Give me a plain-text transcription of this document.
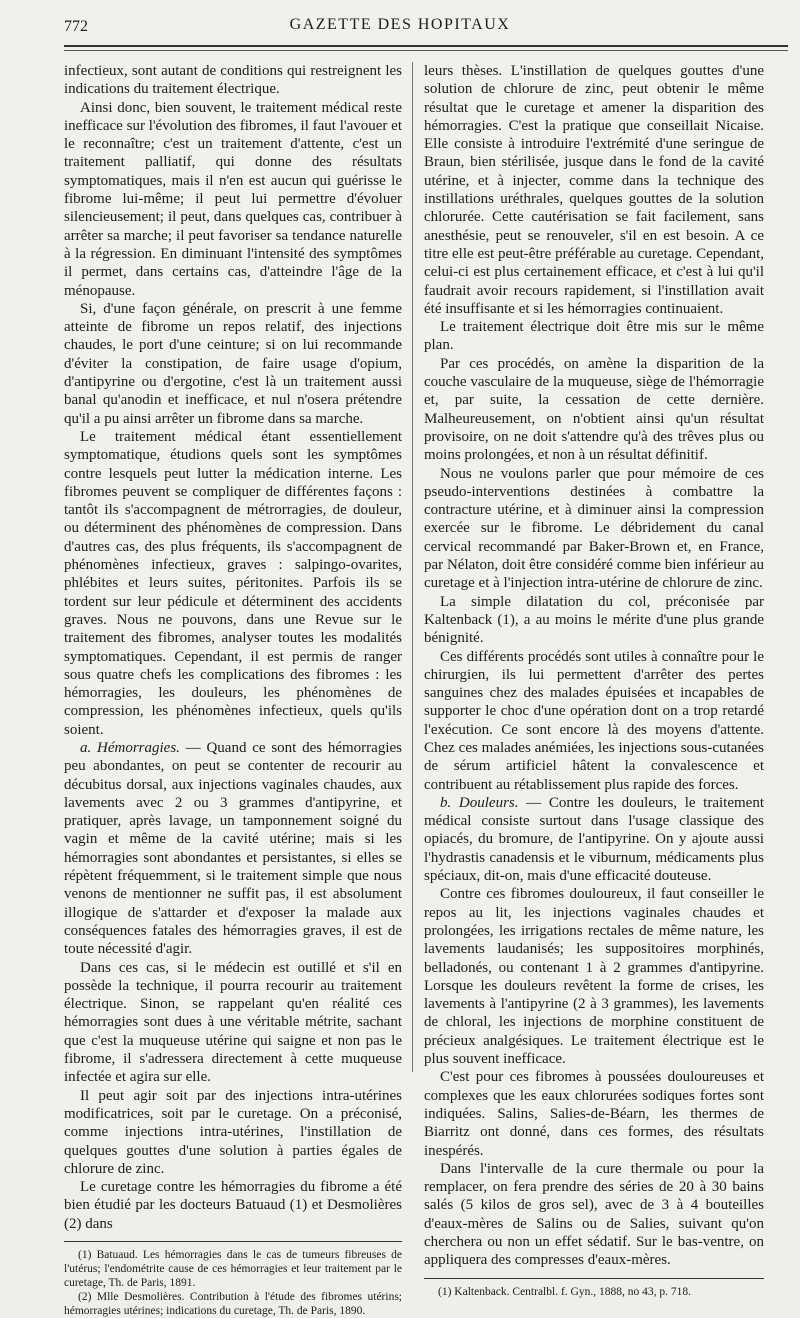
772	GAZETTE DES HOPITAUX

infectieux, sont autant de conditions qui restreignent les indications du traitement électrique.

Ainsi donc, bien souvent, le traitement médical reste inefficace sur l'évolution des fibromes, il faut l'avouer et le reconnaître; c'est un traitement d'attente, c'est un traitement palliatif, qui donne des résultats symptomatiques, mais il n'en est aucun qui guérisse le fibrome lui-même; il peut lui permettre d'évoluer silencieusement; il peut, dans quelques cas, contribuer à arrêter sa marche; il peut favoriser sa tendance naturelle à la régression. En diminuant l'intensité des symptômes il permet, dans certains cas, d'atteindre l'âge de la ménopause.

Si, d'une façon générale, on prescrit à une femme atteinte de fibrome un repos relatif, des injections chaudes, le port d'une ceinture; si on lui recommande d'éviter la constipation, de faire usage d'opium, d'antipyrine ou d'ergotine, c'est là un traitement aussi banal qu'anodin et inefficace, et nul n'osera prétendre qu'il a pu ainsi arrêter un fibrome dans sa marche.

Le traitement médical étant essentiellement symptomatique, étudions quels sont les symptômes contre lesquels peut lutter la médication interne. Les fibromes peuvent se compliquer de différentes façons : tantôt ils s'accompagnent de métrorragies, de douleur, ou déterminent des phénomènes de compression. Dans d'autres cas, des plus fréquents, ils s'accompagnent de phénomènes infectieux, graves : salpingo-ovarites, phlébites et leurs suites, péritonites. Parfois ils se tordent sur leur pédicule et déterminent des accidents graves. Nous ne pouvons, dans une Revue sur le traitement des fibromes, analyser toutes les modalités symptomatiques. Cependant, il est permis de ranger sous quatre chefs les complications des fibromes : les hémorragies, les douleurs, les phénomènes de compression, les phénomènes infectieux, quels qu'ils soient.

a. Hémorragies. — Quand ce sont des hémorragies peu abondantes, on peut se contenter de recourir au décubitus dorsal, aux injections vaginales chaudes, aux lavements avec 2 ou 3 grammes d'antipyrine, et pratiquer, après lavage, un tamponnement soigné du vagin et même de la cavité utérine; mais si les hémorragies sont abondantes et persistantes, si elles se répètent fréquemment, si le traitement simple que nous venons de mentionner ne suffit pas, il est absolument illogique de s'attarder et d'exposer la malade aux conséquences fatales des hémorragies graves, il est de toute nécessité d'agir.

Dans ces cas, si le médecin est outillé et s'il en possède la technique, il pourra recourir au traitement électrique. Sinon, se rappelant qu'en réalité ces hémorragies sont dues à une véritable métrite, sachant que c'est la muqueuse utérine qui saigne et non pas le fibrome, il s'adressera directement à cette muqueuse infectée et agira sur elle.

Il peut agir soit par des injections intra-utérines modificatrices, soit par le curetage. On a préconisé, comme injections intra-utérines, l'instillation de quelques gouttes d'une solution à parties égales de chlorure de zinc.

Le curetage contre les hémorragies du fibrome a été bien étudié par les docteurs Batuaud (1) et Desmolières (2) dans

(1) Batuaud. Les hémorragies dans le cas de tumeurs fibreuses de l'utérus; l'endométrite cause de ces hémorragies et leur traitement par le curetage, Th. de Paris, 1891.

(2) Mlle Desmolières. Contribution à l'étude des fibromes utérins; hémorragies utérines; indications du curetage, Th. de Paris, 1890.

leurs thèses. L'instillation de quelques gouttes d'une solution de chlorure de zinc, peut obtenir le même résultat que le curetage et amener la disparition des hémorragies. C'est la pratique que conseillait Nicaise. Elle consiste à introduire l'extrémité d'une seringue de Braun, bien stérilisée, jusque dans le fond de la cavité utérine, et à injecter, comme dans la technique des instillations uréthrales, quelques gouttes de la solution chlorurée. Cette cautérisation se fait facilement, sans anesthésie, peut se renouveler, s'il en est besoin. A ce titre elle est peut-être préférable au curetage. Cependant, celui-ci est plus certainement efficace, et c'est à lui qu'il faudrait avoir recours rapidement, si l'instillation avait été insuffisante et si les hémorragies continuaient.

Le traitement électrique doit être mis sur le même plan.

Par ces procédés, on amène la disparition de la couche vasculaire de la muqueuse, siège de l'hémorragie et, par suite, la cessation de cette dernière. Malheureusement, on n'obtient ainsi qu'un résultat provisoire, on ne doit s'attendre qu'à des trêves plus ou moins prolongées, et non à un résultat définitif.

Nous ne voulons parler que pour mémoire de ces pseudo-interventions destinées à combattre la contracture utérine, et à diminuer ainsi la compression exercée sur le fibrome. Le débridement du canal cervical recommandé par Baker-Brown et, en France, par Nélaton, doit être considéré comme bien inférieur au curetage et à l'injection intra-utérine de chlorure de zinc.

La simple dilatation du col, préconisée par Kaltenback (1), a au moins le mérite d'une plus grande bénignité.

Ces différents procédés sont utiles à connaître pour le chirurgien, ils lui permettent d'arrêter des pertes sanguines chez des malades épuisées et incapables de supporter le choc d'une opération dont on a trop retardé l'exécution. Ce sont encore là des moyens d'attente. Chez ces malades anémiées, les injections sous-cutanées de sérum artificiel hâtent la convalescence et contribuent au rétablissement plus rapide des forces.

b. Douleurs. — Contre les douleurs, le traitement médical consiste surtout dans l'usage classique des opiacés, du bromure, de l'antipyrine. On y ajoute aussi l'hydrastis canadensis et le viburnum, médicaments plus spéciaux, dit-on, mais d'une efficacité douteuse.

Contre ces fibromes douloureux, il faut conseiller le repos au lit, les injections vaginales chaudes et prolongées, les irrigations rectales de même nature, les lavements laudanisés; les suppositoires morphinés, belladonés, ou contenant 1 à 2 grammes d'antipyrine. Lorsque les douleurs revêtent la forme de crises, les lavements à l'antipyrine (2 à 3 grammes), les lavements de chloral, les injections de morphine constituent de précieux analgésiques. Le traitement électrique est le plus souvent inefficace.

C'est pour ces fibromes à poussées douloureuses et complexes que les eaux chlorurées sodiques fortes sont indiquées. Salins, Salies-de-Béarn, les thermes de Biarritz ont donné, dans ces formes, des résultats inespérés.

Dans l'intervalle de la cure thermale ou pour la remplacer, on fera prendre des séries de 20 à 30 bains salés (5 kilos de gros sel), avec de 3 à 4 bouteilles d'eaux-mères de Salins ou de Salies, suivant qu'on cherchera ou non un effet sédatif. Sur le bas-ventre, on appliquera des compresses d'eaux-mères.

(1) Kaltenback. Centralbl. f. Gyn., 1888, no 43, p. 718.
